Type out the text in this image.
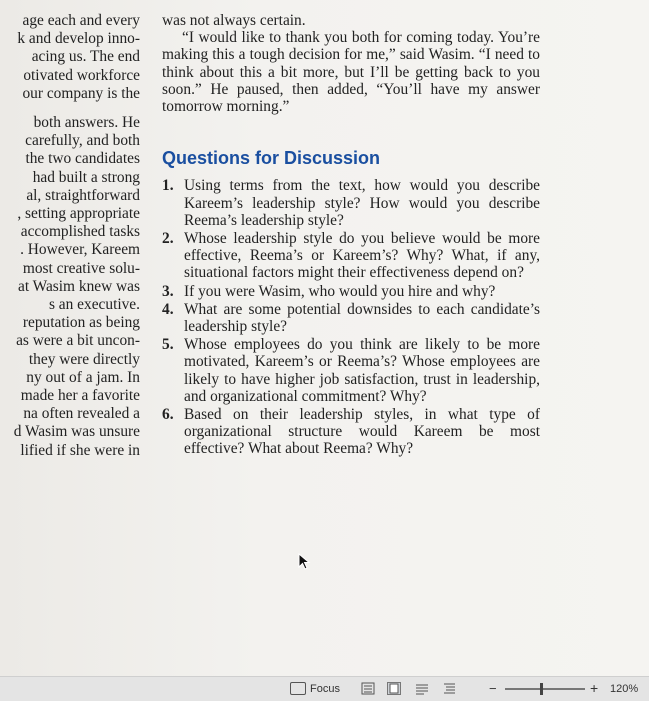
age each and every
k and develop inno-
acing us. The end
otivated workforce
our company is the
both answers. He
carefully, and both
the two candidates
had built a strong
al, straightforward
, setting appropriate
accomplished tasks
. However, Kareem
most creative solu-
at Wasim knew was
s an executive.
reputation as being
as were a bit uncon-
they were directly
ny out of a jam. In
made her a favorite
na often revealed a
d Wasim was unsure
lified if she were in

was not always certain.

“I would like to thank you both for coming today. You’re making this a tough decision for me,” said Wasim. “I need to think about this a bit more, but I’ll be getting back to you soon.” He paused, then added, “You’ll have my answer tomorrow morning.”

Questions for Discussion
1. Using terms from the text, how would you describe Kareem’s leadership style? How would you describe Reema’s leadership style?
2. Whose leadership style do you believe would be more effective, Reema’s or Kareem’s? Why? What, if any, situational factors might their effectiveness depend on?
3. If you were Wasim, who would you hire and why?
4. What are some potential downsides to each candidate’s leadership style?
5. Whose employees do you think are likely to be more motivated, Kareem’s or Reema’s? Whose employees are likely to have higher job satisfaction, trust in leadership, and organizational commitment? Why?
6. Based on their leadership styles, in what type of organizational structure would Kareem be most effective? What about Reema? Why?
Focus	−	+ 120%
